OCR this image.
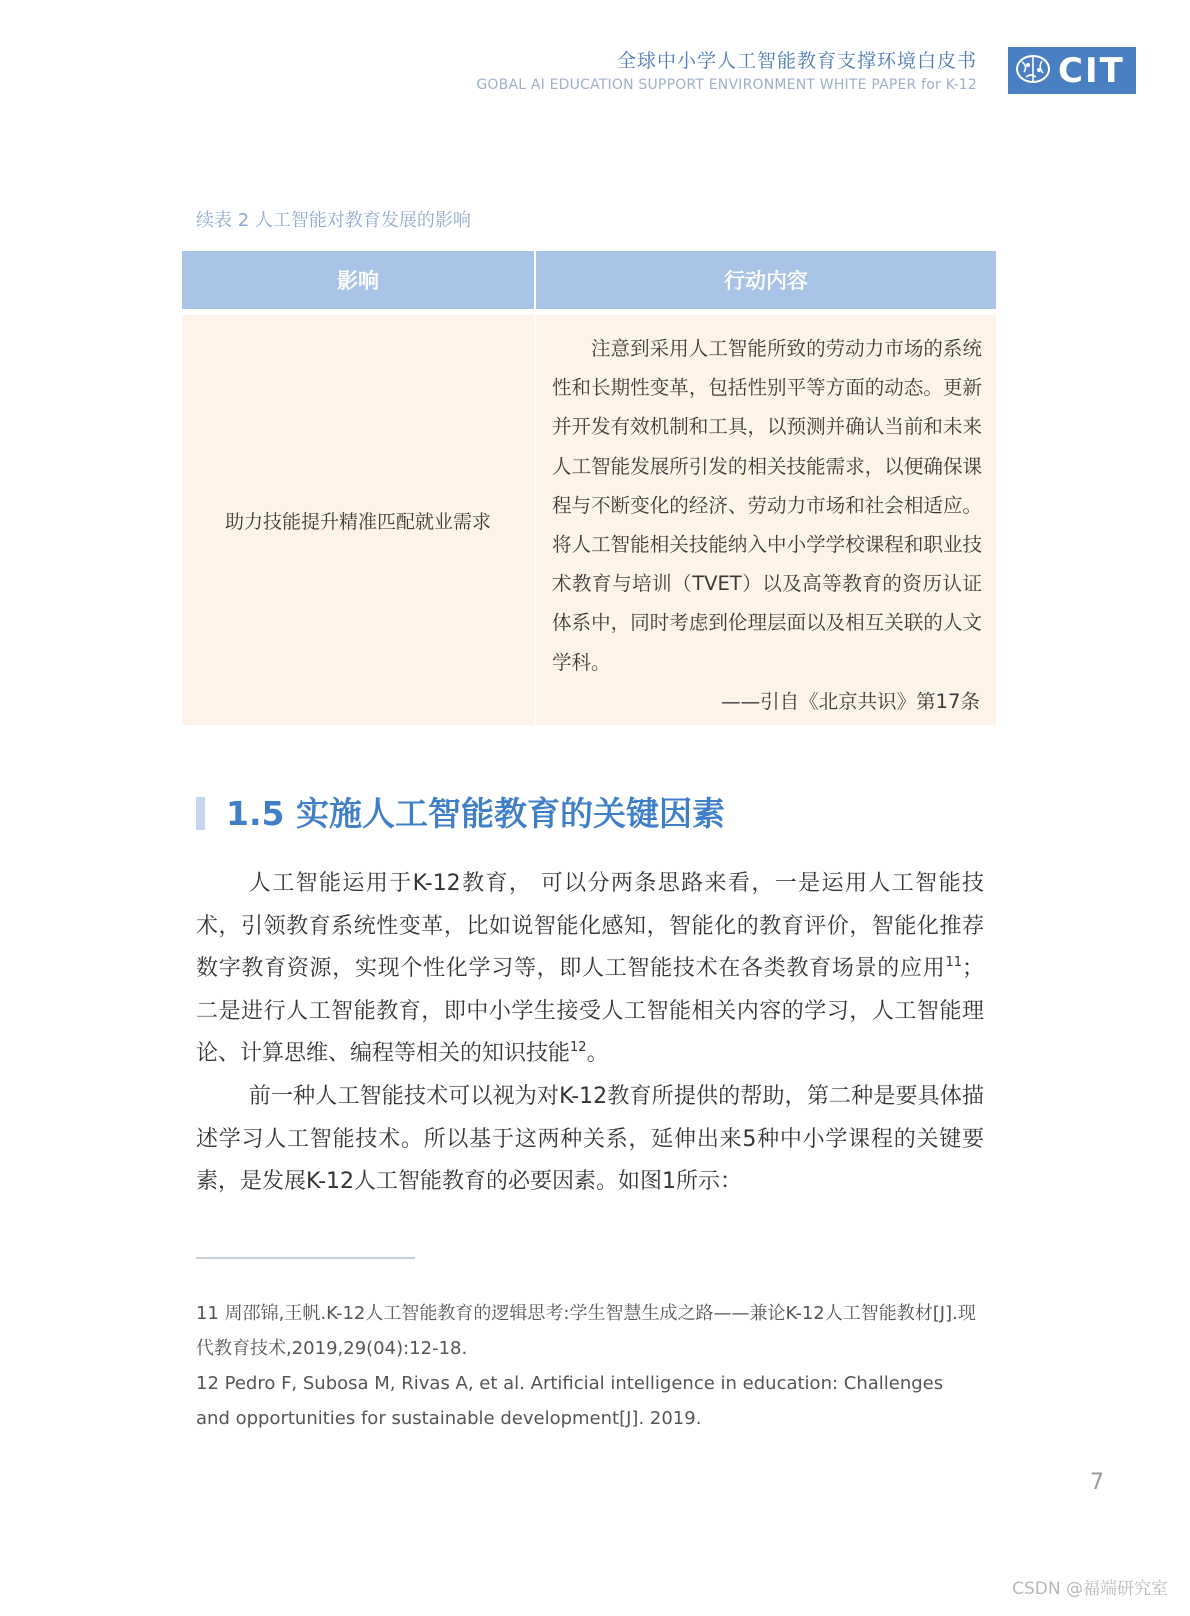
全球中小学人工智能教育支撑环境白皮书
GOBAL AI EDUCATION SUPPORT ENVIRONMENT WHITE PAPER for K-12 CIT
续表 2 人工智能对教育发展的影响
影响	行动内容
助力技能提升精准匹配就业需求	注意到采用人工智能所致的劳动力市场的系统性和长期性变革，包括性别平等方面的动态。更新并开发有效机制和工具，以预测并确认当前和未来人工智能发展所引发的相关技能需求，以便确保课程与不断变化的经济、劳动力市场和社会相适应。将人工智能相关技能纳入中小学学校课程和职业技术教育与培训（TVET）以及高等教育的资历认证体系中，同时考虑到伦理层面以及相互关联的人文学科。
——引自《北京共识》第17条
1.5 实施人工智能教育的关键因素

人工智能运用于K-12教育， 可以分两条思路来看，一是运用人工智能技术，引领教育系统性变革，比如说智能化感知，智能化的教育评价，智能化推荐数字教育资源，实现个性化学习等，即人工智能技术在各类教育场景的应用$^{11}$； 二是进行人工智能教育，即中小学生接受人工智能相关内容的学习，人工智能理论、计算思维、编程等相关的知识技能$^{12}$。

前一种人工智能技术可以视为对K-12教育所提供的帮助，第二种是要具体描述学习人工智能技术。所以基于这两种关系，延伸出来5种中小学课程的关键要素，是发展K-12人工智能教育的必要因素。如图1所示：

11 周邵锦,王帆.K-12人工智能教育的逻辑思考:学生智慧生成之路——兼论K-12人工智能教材[J].现代教育技术,2019,29(04):12-18.

12 Pedro F, Subosa M, Rivas A, et al. Artificial intelligence in education: Challenges and opportunities for sustainable development[J]. 2019.

7
CSDN @福端研究室
